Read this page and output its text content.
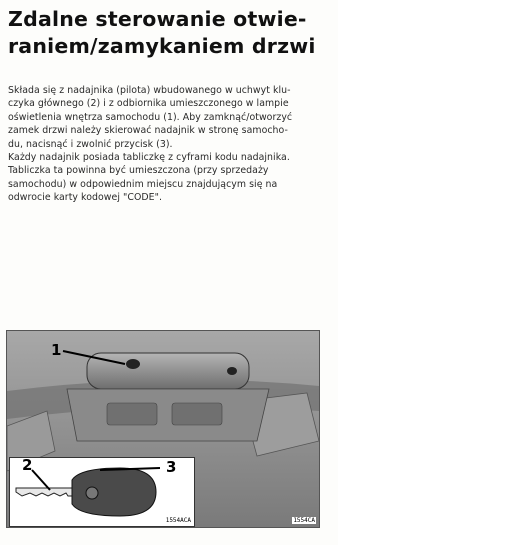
Zdalne sterowanie otwie-
raniem/zamykaniem drzwi
Składa się z nadajnika (pilota) wbudowanego w uchwyt klu-
czyka głównego (2) i z odbiornika umieszczonego w lampie
oświetlenia wnętrza samochodu (1). Aby zamknąć/otworzyć
zamek drzwi należy skierować nadajnik w stronę samocho-
du, nacisnąć i zwolnić przycisk (3).
Każdy nadajnik posiada tabliczkę z cyframi kodu nadajnika.
Tabliczka ta powinna być umieszczona (przy sprzedaży
samochodu) w odpowiednim miejscu znajdującym się na
odwrocie karty kodowej "CODE".
1
2	3
1554ACA	1554CA
